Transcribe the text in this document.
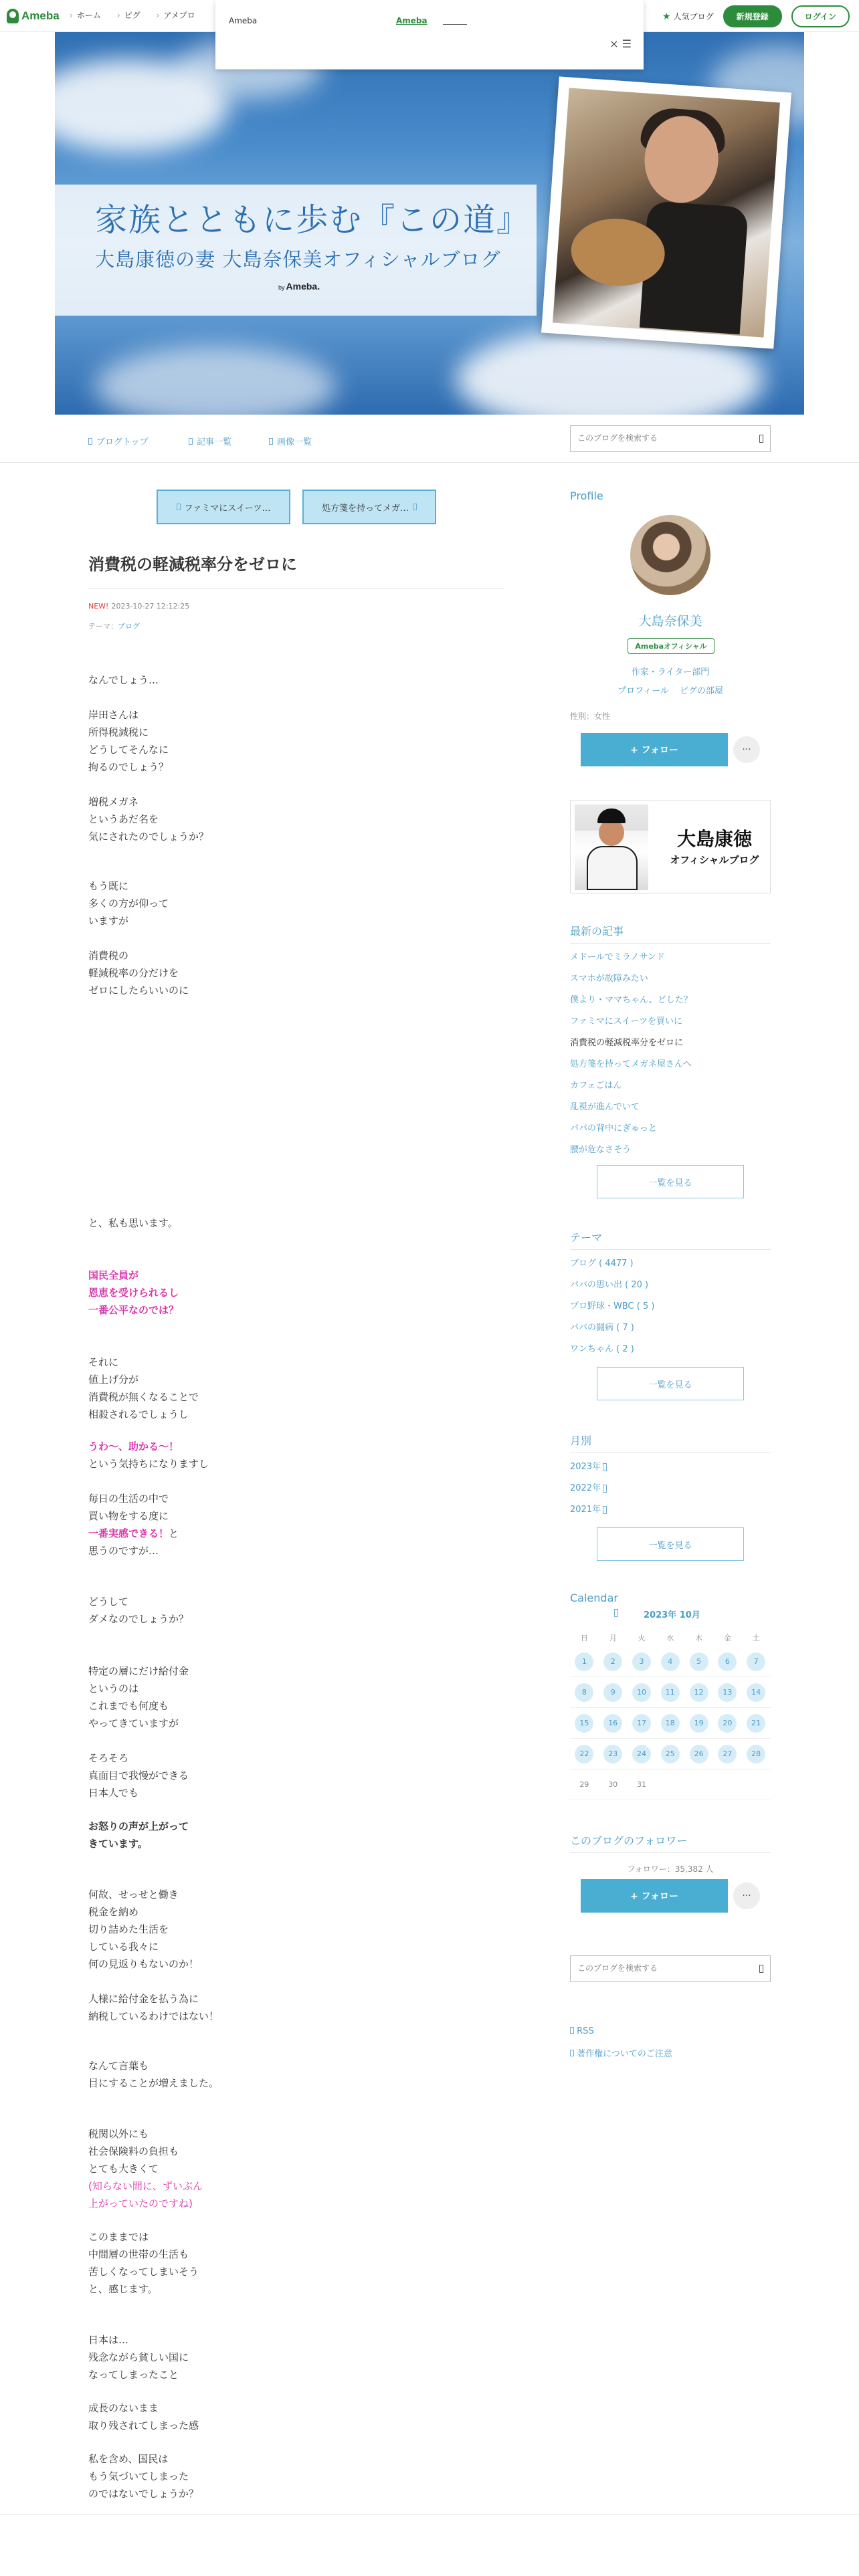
Ameba	› ホーム	› ピグ	› アメブロ	★ 人気ブログ	新規登録	ログイン
家族とともに歩む『この道』
大島康徳の妻 大島奈保美オフィシャルブログ
by Ameba.
Ameba	Ameba
× ☰
ブログトップ	記事一覧	画像一覧
このブログを検索する
ファミマにスイーツ…	処方箋を持ってメガ…
消費税の軽減税率分をゼロに
NEW! 2023-10-27 12:12:25
テーマ：ブログ
なんでしょう…
岸田さんは
所得税減税に
どうしてそんなに
拘るのでしょう？
増税メガネ
というあだ名を
気にされたのでしょうか？
もう既に
多くの方が仰って
いますが
消費税の
軽減税率の分だけを
ゼロにしたらいいのに
と、私も思います。
国民全員が
恩恵を受けられるし
一番公平なのでは？
それに
値上げ分が
消費税が無くなることで
相殺されるでしょうし
うわ〜、助かる〜！
という気持ちになりますし
毎日の生活の中で
買い物をする度に
一番実感できる！と
思うのですが…
どうして
ダメなのでしょうか？
特定の層にだけ給付金
というのは
これまでも何度も
やってきていますが
そろそろ
真面目で我慢ができる
日本人でも
お怒りの声が上がって
きています。
何故、せっせと働き
税金を納め
切り詰めた生活を
している我々に
何の見返りもないのか！
人様に給付金を払う為に
納税しているわけではない！
なんて言葉も
目にすることが増えました。
税関以外にも
社会保険料の負担も
とても大きくて
(知らない間に、ずいぶん
上がっていたのですね)
このままでは
中間層の世帯の生活も
苦しくなってしまいそう
と、感じます。
日本は…
残念ながら貧しい国に
なってしまったこと
成長のないまま
取り残されてしまった感
私を含め、国民は
もう気づいてしまった
のではないでしょうか？
Profile
大島奈保美
Amebaオフィシャル
作家・ライター部門
プロフィール ピグの部屋
性別：女性
+ フォロー	···
大島康徳
オフィシャルブログ
最新の記事
メドールでミラノサンド
スマホが故障みたい
僕より・ママちゃん、どした？
ファミマにスイーツを買いに
消費税の軽減税率分をゼロに
処方箋を持ってメガネ屋さんへ
カフェごはん
乱視が進んでいて
パパの背中にぎゅっと
腰が危なさそう
一覧を見る
テーマ
ブログ ( 4477 )
パパの思い出 ( 20 )
プロ野球・WBC ( 5 )
パパの闘病 ( 7 )
ワンちゃん ( 2 )
一覧を見る
月別
2023年
2022年
2021年
一覧を見る
Calendar
2023年 10月
日	月	火	水	木	金	土
1	2	3	4	5	6	7
8	9	10	11	12	13	14
15	16	17	18	19	20	21
22	23	24	25	26	27	28
29	30	31
このブログのフォロワー
フォロワー：35,382 人
+ フォロー	···
このブログを検索する
RSS
著作権についてのご注意
